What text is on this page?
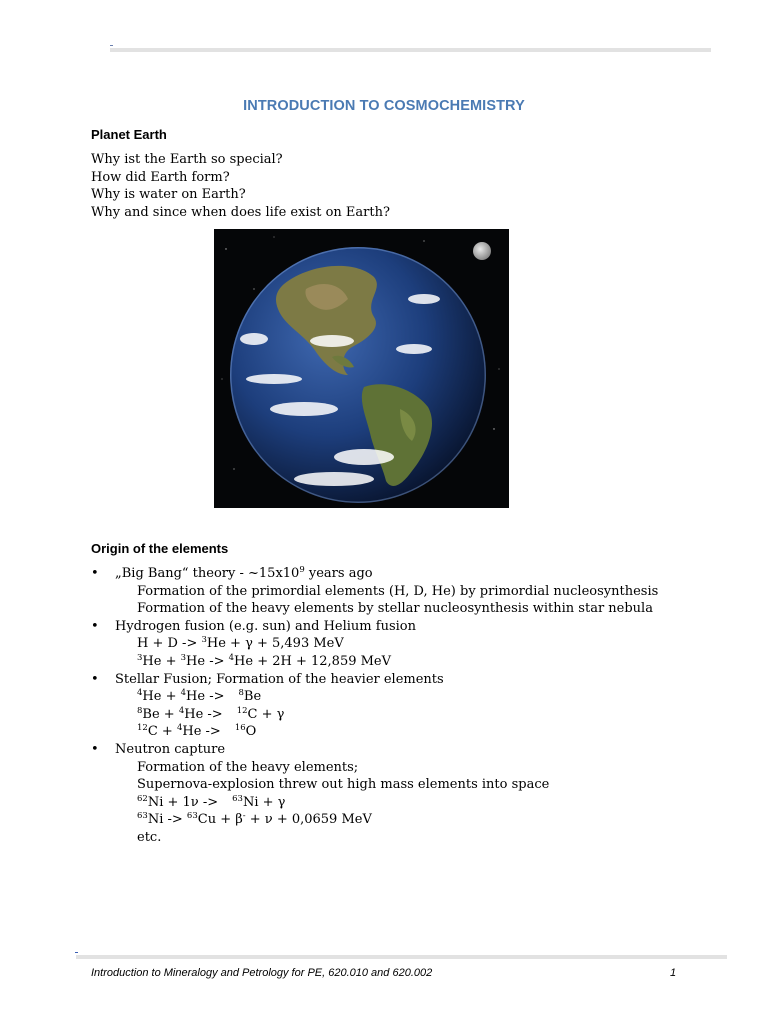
INTRODUCTION TO COSMOCHEMISTRY
Planet Earth
Why ist the Earth so special?
How did Earth form?
Why is water on Earth?
Why and since when does life exist on Earth?
Origin of the elements
• „Big Bang“ theory - $\sim 15x10^9$ years ago
Formation of the primordial elements (H, D, He) by primordial nucleosynthesis
Formation of the heavy elements by stellar nucleosynthesis within star nebula
• Hydrogen fusion (e.g. sun) and Helium fusion
H + D -> $^3$He + γ + 5,493 MeV
$^3$He + $^3$He -> $^4$He + 2H + 12,859 MeV
• Stellar Fusion; Formation of the heavier elements
$^4$He + $^4$He -> $^8$Be
$^8$Be + $^4$He -> $^{12}$C + γ
$^{12}$C + $^4$He -> $^{16}$O
• Neutron capture
Formation of the heavy elements;
Supernova-explosion threw out high mass elements into space
$^{62}$Ni + 1ν -> $^{63}$Ni + γ
$^{63}$Ni -> $^{63}$Cu + β- + ν + 0,0659 MeV
etc.
Introduction to Mineralogy and Petrology for PE, 620.010 and 620.002	1
